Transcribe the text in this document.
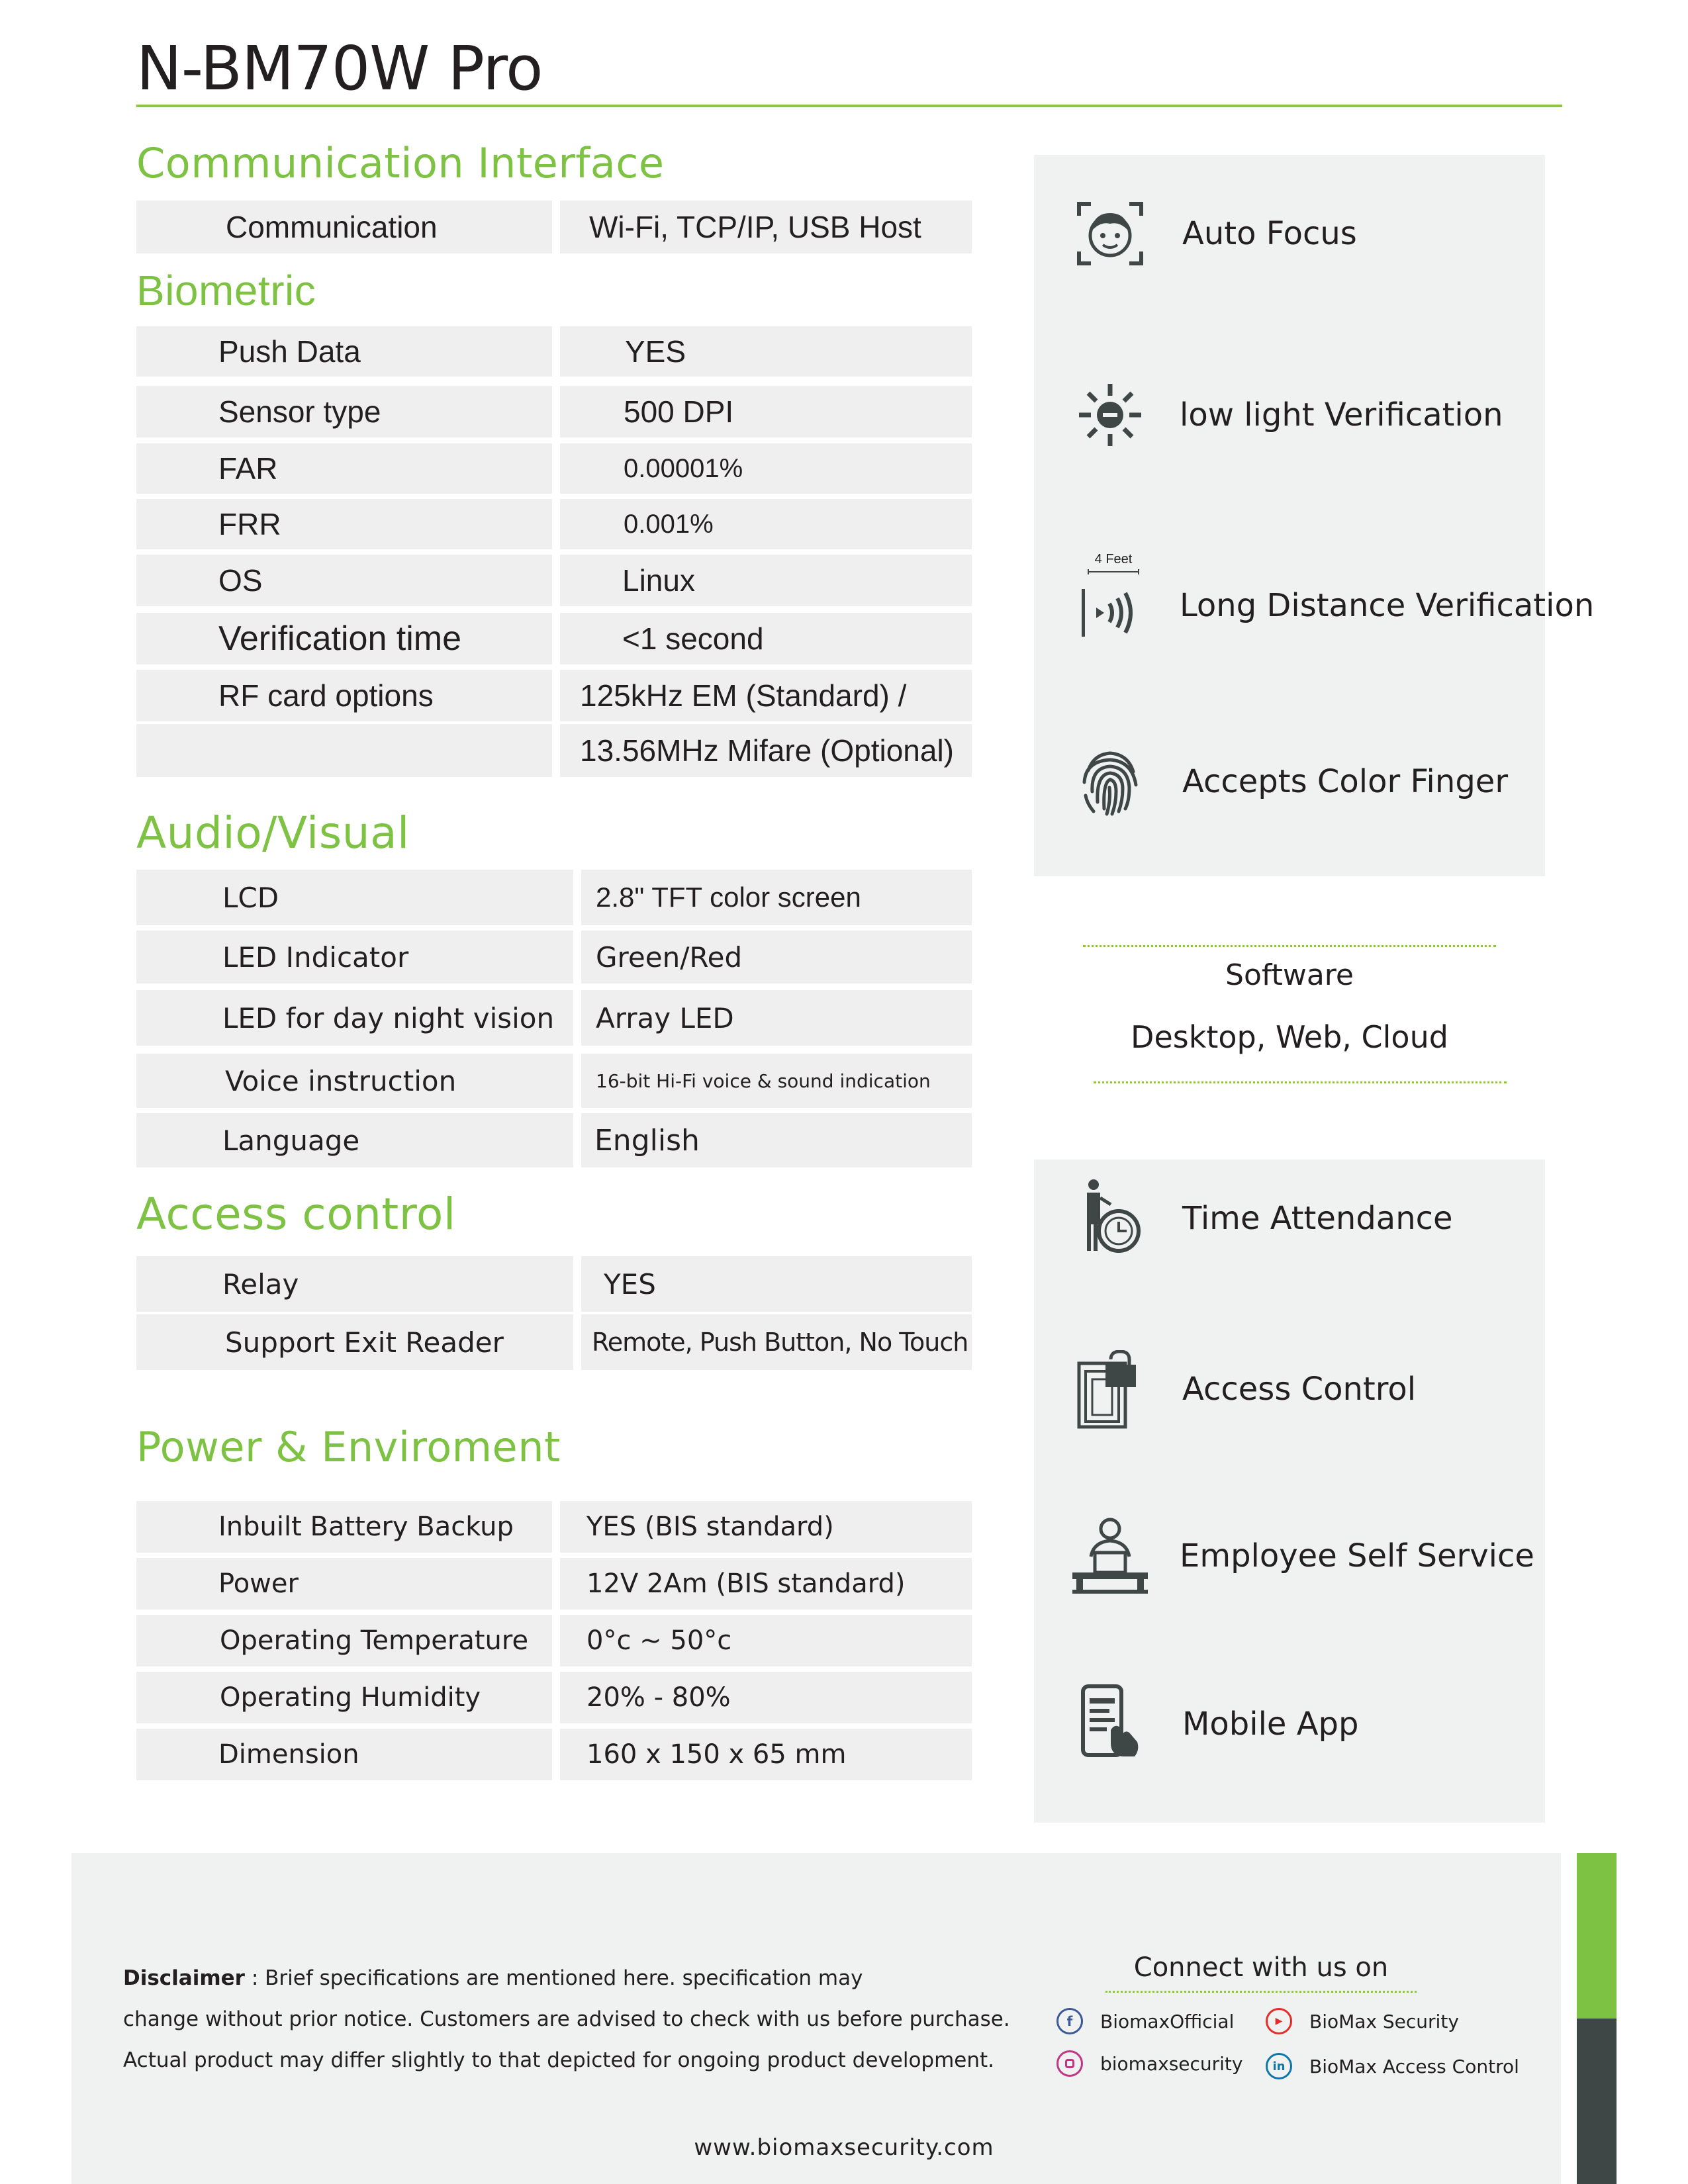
N-BM70W Pro
Communication Interface
Communication	Wi-Fi, TCP/IP, USB Host
Biometric
Push Data	YES
Sensor type	500 DPI
FAR	0.00001%
FRR	0.001%
OS	Linux
Verification time	<1 second
RF card options	125kHz EM (Standard) /
13.56MHz Mifare (Optional)
Audio/Visual
LCD	2.8" TFT color screen
LED Indicator	Green/Red
LED for day night vision	Array LED
Voice instruction	16-bit Hi-Fi voice & sound indication
Language	English
Access control
Relay	YES
Support Exit Reader	Remote, Push Button, No Touch
Power & Enviroment
Inbuilt Battery Backup	YES (BIS standard)
Power	12V 2Am (BIS standard)
Operating Temperature	0°c ~ 50°c
Operating Humidity	20% - 80%
Dimension	160 x 150 x 65 mm
Auto Focus
low light Verification
4 Feet
Long Distance Verification
Accepts Color Finger
Software
Desktop, Web, Cloud
Time Attendance
Access Control
Employee Self Service
Mobile App
Disclaimer : Brief specifications are mentioned here. specification may
change without prior notice. Customers are advised to check with us before purchase.
Actual product may differ slightly to that depicted for ongoing product development.
Connect with us on
f	BiomaxOfficial
biomaxsecurity
▶	BioMax Security
in	BioMax Access Control
www.biomaxsecurity.com
